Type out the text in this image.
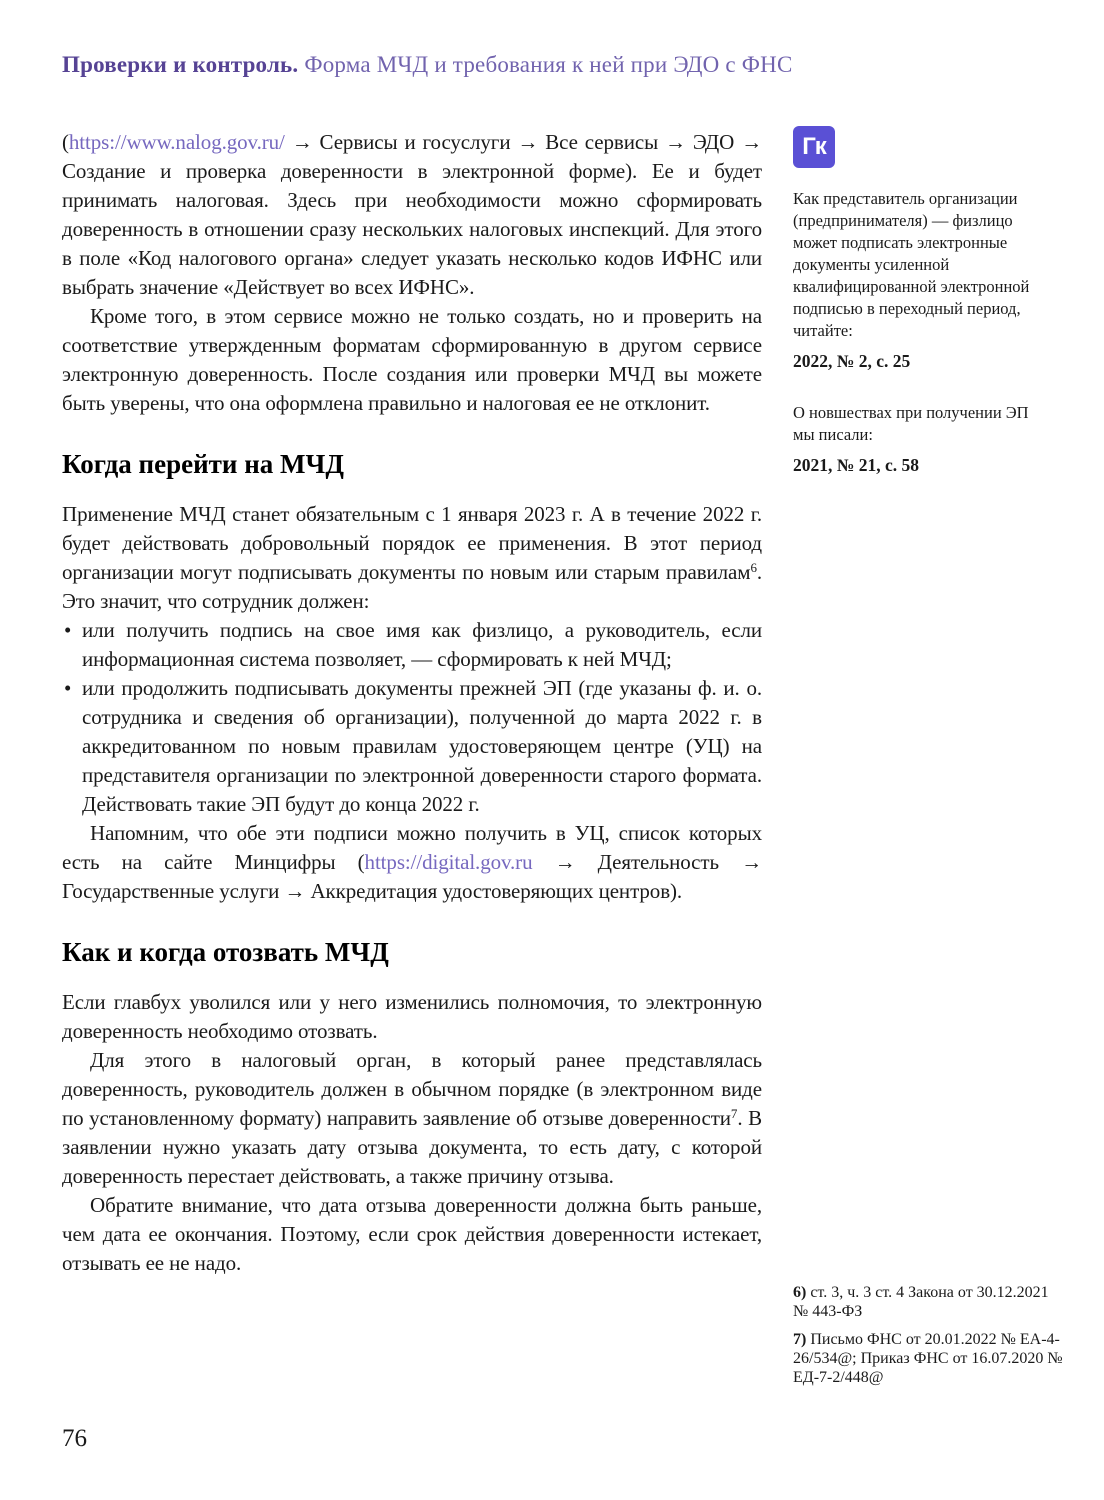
Проверки и контроль. Форма МЧД и требования к ней при ЭДО с ФНС

(https://www.nalog.gov.ru/ → Сервисы и госуслуги → Все сервисы → ЭДО → Создание и проверка доверенности в электронной форме). Ее и будет принимать налоговая. Здесь при необходимости можно сформировать доверенность в отношении сразу нескольких налоговых инспекций. Для этого в поле «Код налогового органа» следует указать несколько кодов ИФНС или выбрать значение «Действует во всех ИФНС».

Кроме того, в этом сервисе можно не только создать, но и проверить на соответствие утвержденным форматам сформированную в другом сервисе электронную доверенность. После создания или проверки МЧД вы можете быть уверены, что она оформлена правильно и налоговая ее не отклонит.

Когда перейти на МЧД

Применение МЧД станет обязательным с 1 января 2023 г. А в течение 2022 г. будет действовать добровольный порядок ее применения. В этот период организации могут подписывать документы по новым или старым правилам$^6$. Это значит, что сотрудник должен:

• или получить подпись на свое имя как физлицо, а руководитель, если информационная система позволяет, — сформировать к ней МЧД;
• или продолжить подписывать документы прежней ЭП (где указаны ф. и. о. сотрудника и сведения об организации), полученной до марта 2022 г. в аккредитованном по новым правилам удостоверяющем центре (УЦ) на представителя организации по электронной доверенности старого формата. Действовать такие ЭП будут до конца 2022 г.

Напомним, что обе эти подписи можно получить в УЦ, список которых есть на сайте Минцифры (https://digital.gov.ru → Деятельность → Государственные услуги → Аккредитация удостоверяющих центров).

Как и когда отозвать МЧД

Если главбух уволился или у него изменились полномочия, то электронную доверенность необходимо отозвать.

Для этого в налоговый орган, в который ранее представлялась доверенность, руководитель должен в обычном порядке (в электронном виде по установленному формату) направить заявление об отзыве доверенности$^7$. В заявлении нужно указать дату отзыва документа, то есть дату, с которой доверенность перестает действовать, а также причину отзыва.

Обратите внимание, что дата отзыва доверенности должна быть раньше, чем дата ее окончания. Поэтому, если срок действия доверенности истекает, отзывать ее не надо.

Гк

Как представитель организации (предпринимателя) — физлицо может подписать электронные документы усиленной квалифицированной электронной подписью в переходный период, читайте:

2022, № 2, с. 25

О новшествах при получении ЭП мы писали:

2021, № 21, с. 58

6) ст. 3, ч. 3 ст. 4 Закона от 30.12.2021 № 443-ФЗ

7) Письмо ФНС от 20.01.2022 № ЕА-4-26/534@; Приказ ФНС от 16.07.2020 № ЕД-7-2/448@

76
